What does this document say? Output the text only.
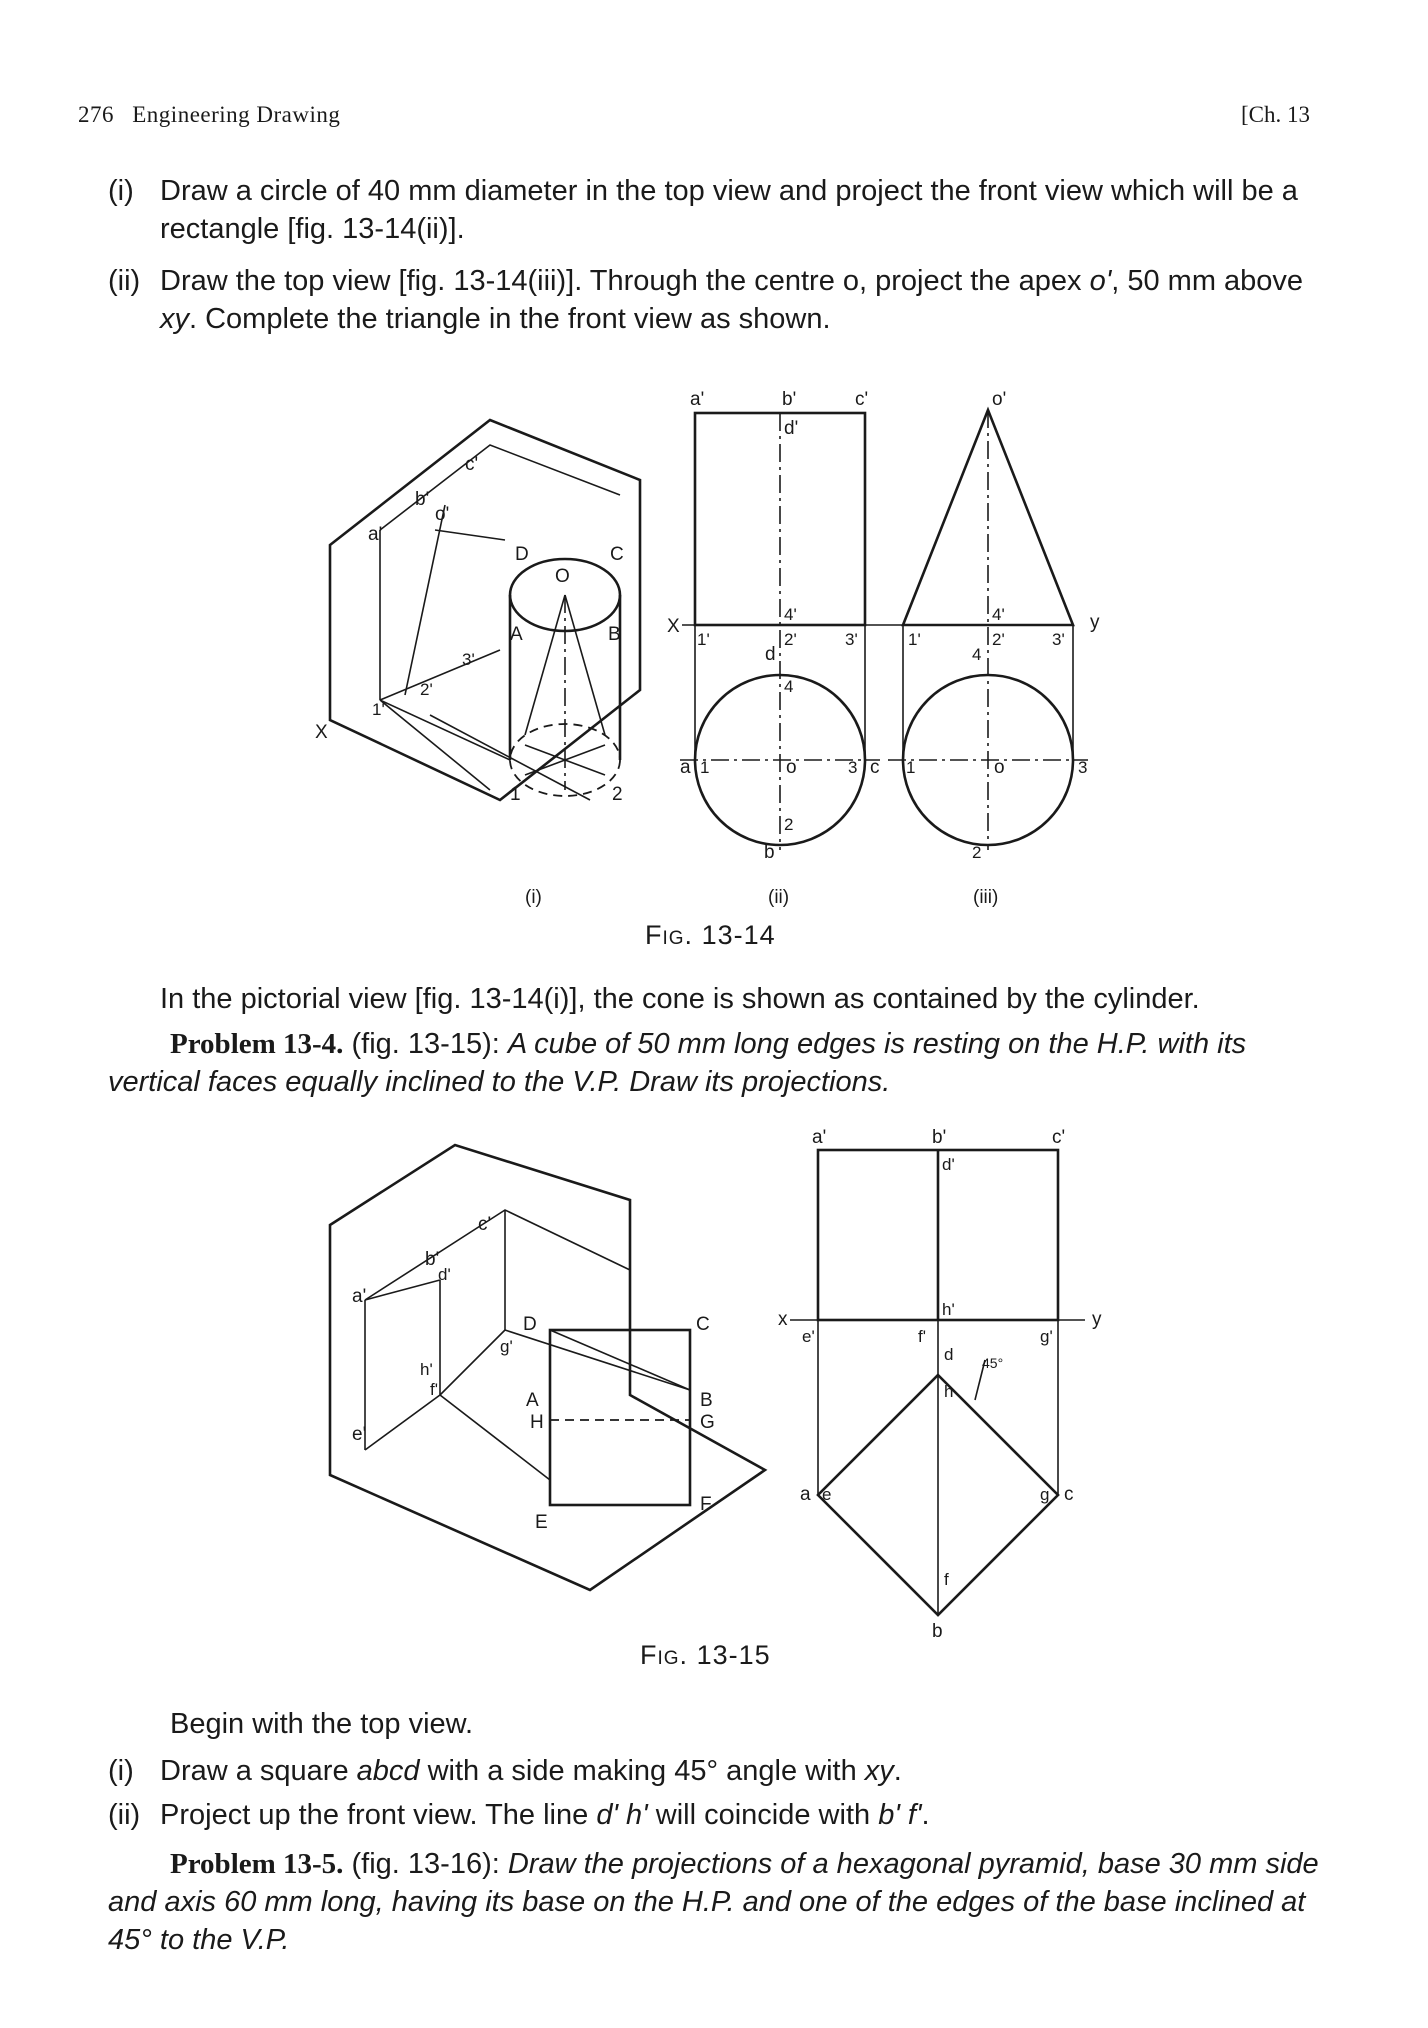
276 Engineering Drawing	[Ch. 13
(i) Draw a circle of 40 mm diameter in the top view and project the front view which will be a rectangle [fig. 13-14(ii)].
(ii) Draw the top view [fig. 13-14(iii)]. Through the centre o, project the apex o', 50 mm above xy. Complete the triangle in the front view as shown.
a'
b'
c'
o'
D	C
O
A	B
X
1'
2'
3'
1	2
a'	b'	c'
d'
X
1'
4'
2'	3'
d
4
a 1	o	3 c
2
b
o'
1'
4'
2'	3'
4
1	o	3
2
y
(i)	(ii)	(iii)
Fig. 13-14
In the pictorial view [fig. 13-14(i)], the cone is shown as contained by the cylinder.
Problem 13-4. (fig. 13-15): A cube of 50 mm long edges is resting on the H.P. with its vertical faces equally inclined to the V.P. Draw its projections.
c'
b'
d'
a'
h'
f'
g'
e'
D	C
A	B
H	G
E
F
a'	b'	c'
d'
x	y
e'
h'
f'	g'
d
h
45°
a e	g c
f
b
Fig. 13-15
Begin with the top view.
(i) Draw a square abcd with a side making 45° angle with xy.
(ii) Project up the front view. The line d' h' will coincide with b' f'.
Problem 13-5. (fig. 13-16): Draw the projections of a hexagonal pyramid, base 30 mm side and axis 60 mm long, having its base on the H.P. and one of the edges of the base inclined at 45° to the V.P.
